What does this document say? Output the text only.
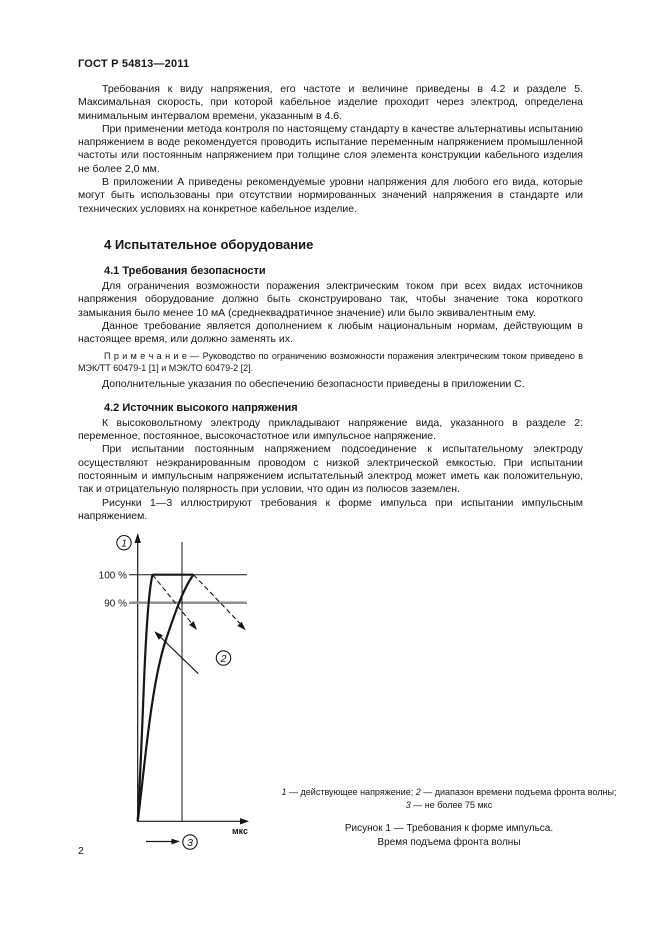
ГОСТ Р 54813—2011

Требования к виду напряжения, его частоте и величине приведены в 4.2 и разделе 5. Максимальная скорость, при которой кабельное изделие проходит через электрод, определена минимальным интервалом времени, указанным в 4.6.

При применении метода контроля по настоящему стандарту в качестве альтернативы испытанию напряжением в воде рекомендуется проводить испытание переменным напряжением промышленной частоты или постоянным напряжением при толщине слоя элемента конструкции кабельного изделия не более 2,0 мм.

В приложении А приведены рекомендуемые уровни напряжения для любого его вида, которые могут быть использованы при отсутствии нормированных значений напряжения в стандарте или технических условиях на конкретное кабельное изделие.

4 Испытательное оборудование
4.1 Требования безопасности

Для ограничения возможности поражения электрическим током при всех видах источников напряжения оборудование должно быть сконструировано так, чтобы значение тока короткого замыкания было менее 10 мА (среднеквадратичное значение) или было эквивалентным ему.

Данное требование является дополнением к любым национальным нормам, действующим в настоящее время, или должно заменять их.

П р и м е ч а н и е — Руководство по ограничению возможности поражения электрическим током приведено в МЭК/ТТ 60479-1 [1] и МЭК/ТО 60479-2 [2].

Дополнительные указания по обеспечению безопасности приведены в приложении С.

4.2 Источник высокого напряжения

К высоковольтному электроду прикладывают напряжение вида, указанного в разделе 2: переменное, постоянное, высокочастотное или импульсное напряжение.

При испытании постоянным напряжением подсоединение к испытательному электроду осуществляют неэкранированным проводом с низкой электрической емкостью. При испытании постоянным и импульсным напряжением испытательный электрод может иметь как положительную, так и отрицательную полярность при условии, что один из полюсов заземлен.

Рисунки 1—3 иллюстрируют требования к форме импульса при испытании импульсным напряжением.

1
мкс
100 %
90 %
2
3
1 — действующее напряжение; 2 — диапазон времени подъема фронта волны;
3 — не более 75 мкс
Рисунок 1 — Требования к форме импульса.
Время подъема фронта волны
2
